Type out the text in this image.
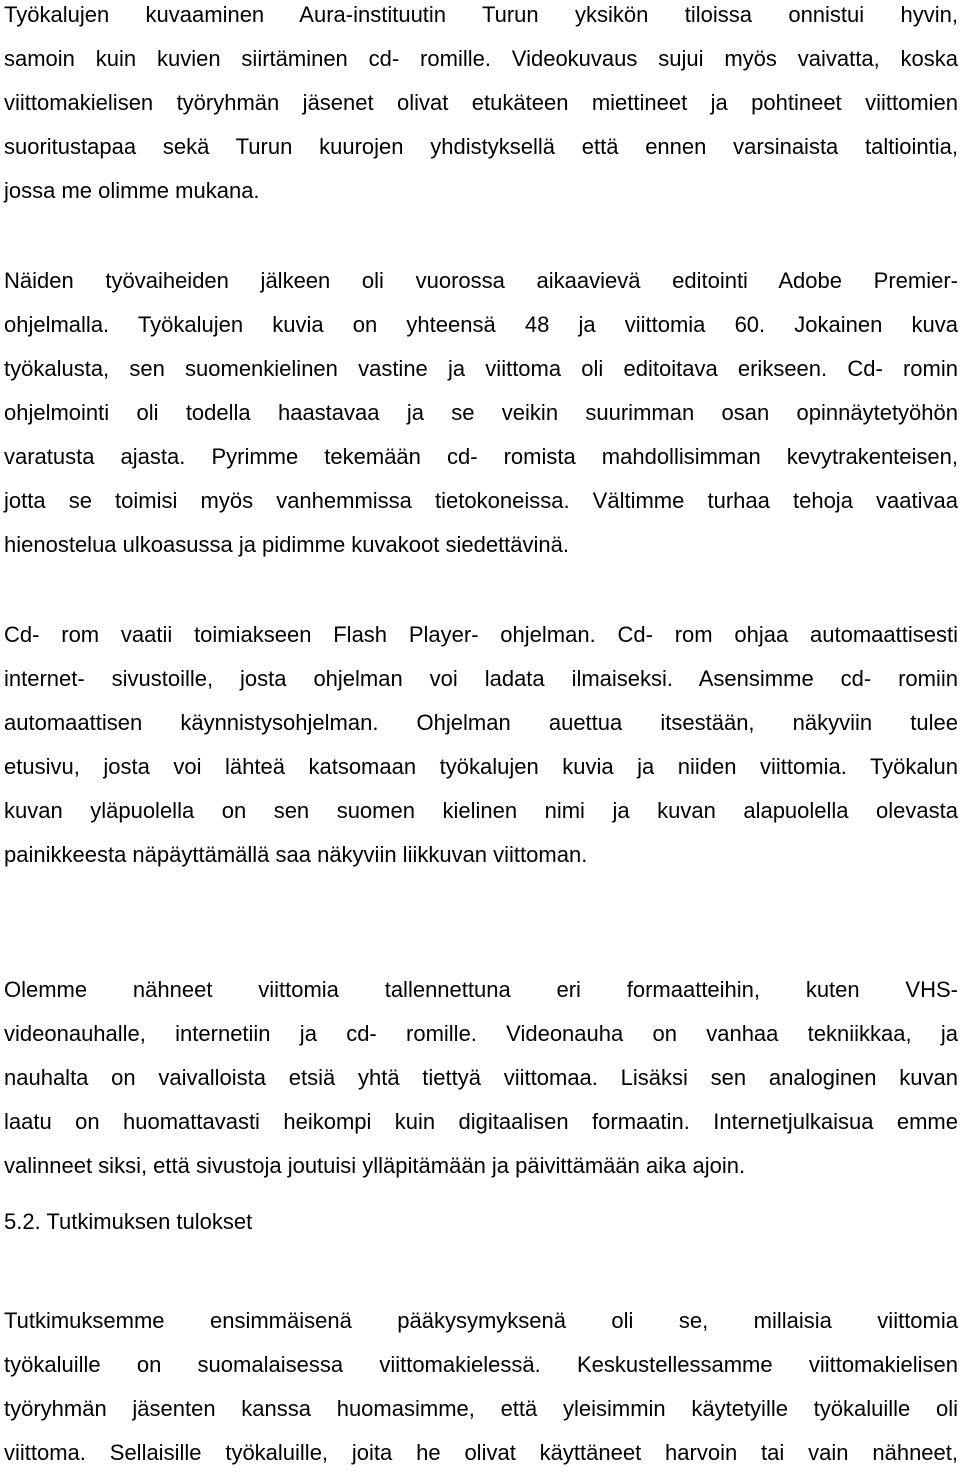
Työkalujen kuvaaminen Aura-instituutin Turun yksikön tiloissa onnistui hyvin,
samoin kuin kuvien siirtäminen cd- romille. Videokuvaus sujui myös vaivatta, koska
viittomakielisen työryhmän jäsenet olivat etukäteen miettineet ja pohtineet viittomien
suoritustapaa sekä Turun kuurojen yhdistyksellä että ennen varsinaista taltiointia,
jossa me olimme mukana.
Näiden työvaiheiden jälkeen oli vuorossa aikaavievä editointi Adobe Premier-
ohjelmalla. Työkalujen kuvia on yhteensä 48 ja viittomia 60. Jokainen kuva
työkalusta, sen suomenkielinen vastine ja viittoma oli editoitava erikseen. Cd- romin
ohjelmointi oli todella haastavaa ja se veikin suurimman osan opinnäytetyöhön
varatusta ajasta. Pyrimme tekemään cd- romista mahdollisimman kevytrakenteisen,
jotta se toimisi myös vanhemmissa tietokoneissa. Vältimme turhaa tehoja vaativaa
hienostelua ulkoasussa ja pidimme kuvakoot siedettävinä.
Cd- rom vaatii toimiakseen Flash Player- ohjelman. Cd- rom ohjaa automaattisesti
internet- sivustoille, josta ohjelman voi ladata ilmaiseksi. Asensimme cd- romiin
automaattisen käynnistysohjelman. Ohjelman auettua itsestään, näkyviin tulee
etusivu, josta voi lähteä katsomaan työkalujen kuvia ja niiden viittomia. Työkalun
kuvan yläpuolella on sen suomen kielinen nimi ja kuvan alapuolella olevasta
painikkeesta näpäyttämällä saa näkyviin liikkuvan viittoman.
Olemme nähneet viittomia tallennettuna eri formaatteihin, kuten VHS-
videonauhalle, internetiin ja cd- romille. Videonauha on vanhaa tekniikkaa, ja
nauhalta on vaivalloista etsiä yhtä tiettyä viittomaa. Lisäksi sen analoginen kuvan
laatu on huomattavasti heikompi kuin digitaalisen formaatin. Internetjulkaisua emme
valinneet siksi, että sivustoja joutuisi ylläpitämään ja päivittämään aika ajoin.
5.2. Tutkimuksen tulokset
Tutkimuksemme ensimmäisenä pääkysymyksenä oli se, millaisia viittomia
työkaluille on suomalaisessa viittomakielessä. Keskustellessamme viittomakielisen
työryhmän jäsenten kanssa huomasimme, että yleisimmin käytetyille työkaluille oli
viittoma. Sellaisille työkaluille, joita he olivat käyttäneet harvoin tai vain nähneet,
